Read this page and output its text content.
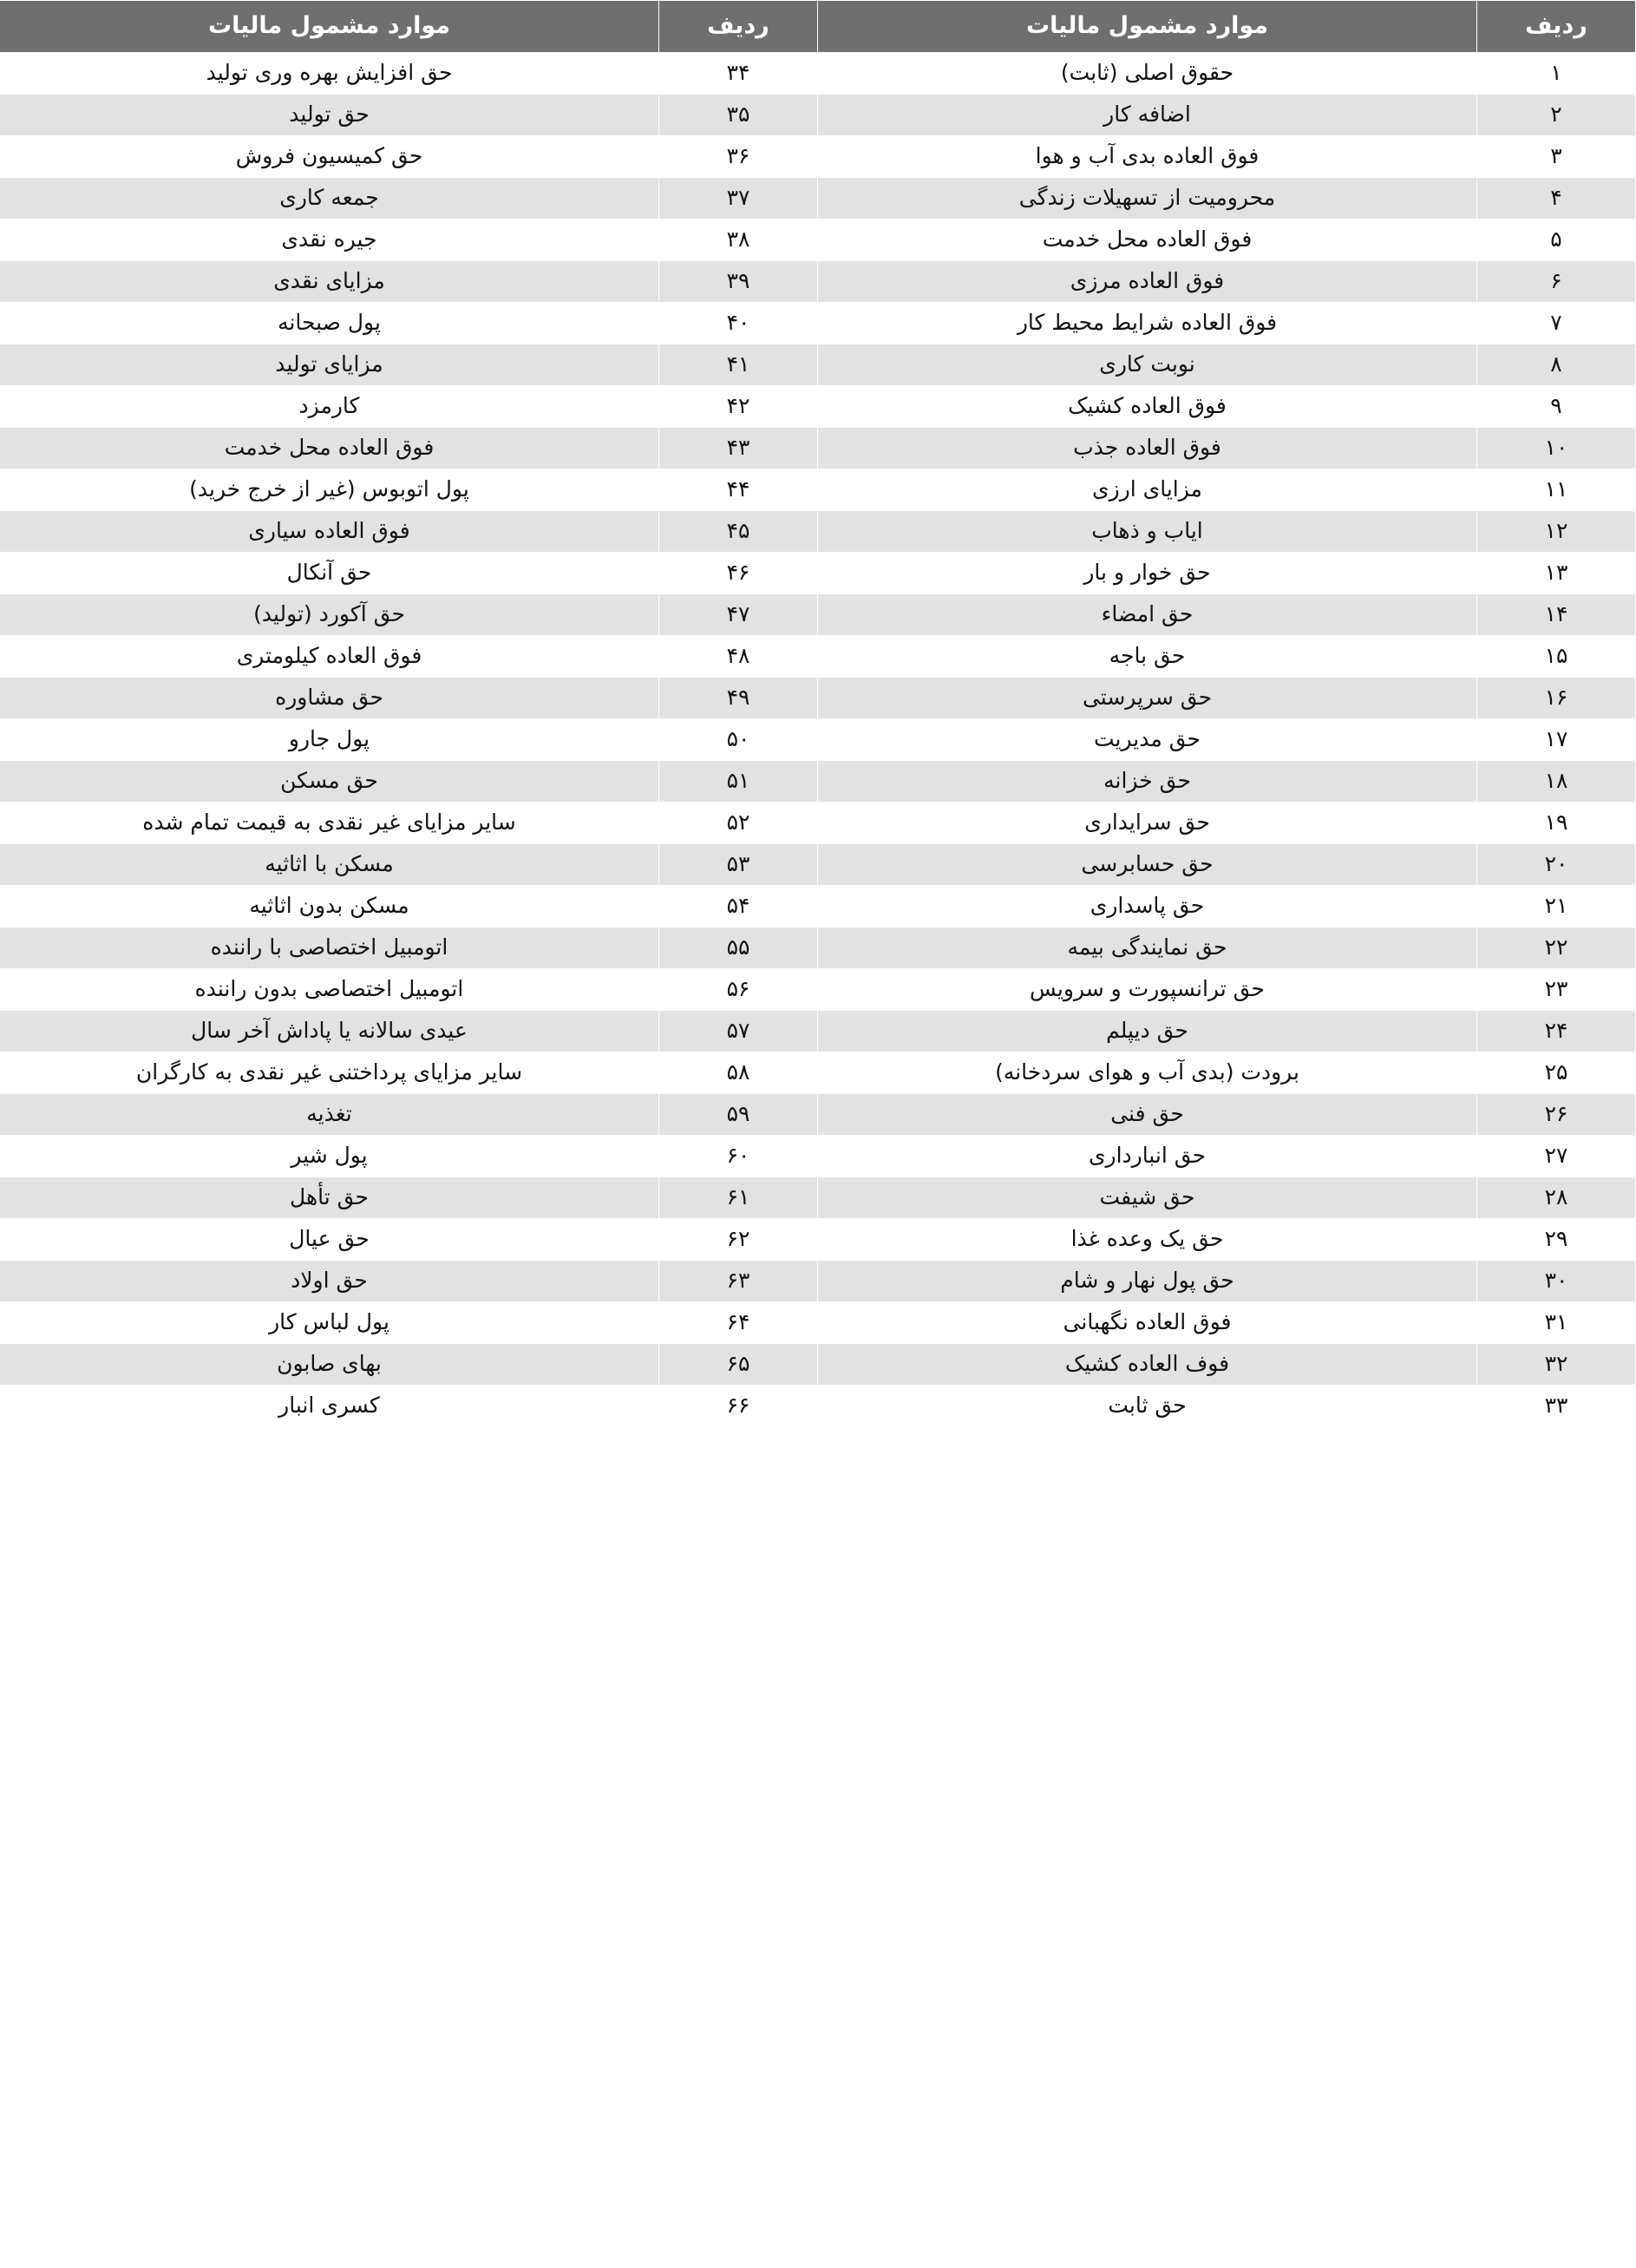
ردیف	موارد مشمول مالیات	ردیف	موارد مشمول مالیات
۱	حقوق اصلی (ثابت)	۳۴	حق افزایش بهره وری تولید
۲	اضافه کار	۳۵	حق تولید
۳	فوق العاده بدی آب و هوا	۳۶	حق کمیسیون فروش
۴	محرومیت از تسهیلات زندگی	۳۷	جمعه کاری
۵	فوق العاده محل خدمت	۳۸	جیره نقدی
۶	فوق العاده مرزی	۳۹	مزایای نقدی
۷	فوق العاده شرایط محیط کار	۴۰	پول صبحانه
۸	نوبت کاری	۴۱	مزایای تولید
۹	فوق العاده کشیک	۴۲	کارمزد
۱۰	فوق العاده جذب	۴۳	فوق العاده محل خدمت
۱۱	مزایای ارزی	۴۴	پول اتوبوس (غیر از خرج خرید)
۱۲	ایاب و ذهاب	۴۵	فوق العاده سیاری
۱۳	حق خوار و بار	۴۶	حق آنکال
۱۴	حق امضاء	۴۷	حق آکورد (تولید)
۱۵	حق باجه	۴۸	فوق العاده کیلومتری
۱۶	حق سرپرستی	۴۹	حق مشاوره
۱۷	حق مدیریت	۵۰	پول جارو
۱۸	حق خزانه	۵۱	حق مسکن
۱۹	حق سرایداری	۵۲	سایر مزایای غیر نقدی به قیمت تمام شده
۲۰	حق حسابرسی	۵۳	مسکن با اثاثیه
۲۱	حق پاسداری	۵۴	مسکن بدون اثاثیه
۲۲	حق نمایندگی بیمه	۵۵	اتومبیل اختصاصی با راننده
۲۳	حق ترانسپورت و سرویس	۵۶	اتومبیل اختصاصی بدون راننده
۲۴	حق دیپلم	۵۷	عیدی سالانه یا پاداش آخر سال
۲۵	برودت (بدی آب و هوای سردخانه)	۵۸	سایر مزایای پرداختنی غیر نقدی به کارگران
۲۶	حق فنی	۵۹	تغذیه
۲۷	حق انبارداری	۶۰	پول شیر
۲۸	حق شیفت	۶۱	حق تأهل
۲۹	حق یک وعده غذا	۶۲	حق عیال
۳۰	حق پول نهار و شام	۶۳	حق اولاد
۳۱	فوق العاده نگهبانی	۶۴	پول لباس کار
۳۲	فوف العاده کشیک	۶۵	بهای صابون
۳۳	حق ثابت	۶۶	کسری انبار
